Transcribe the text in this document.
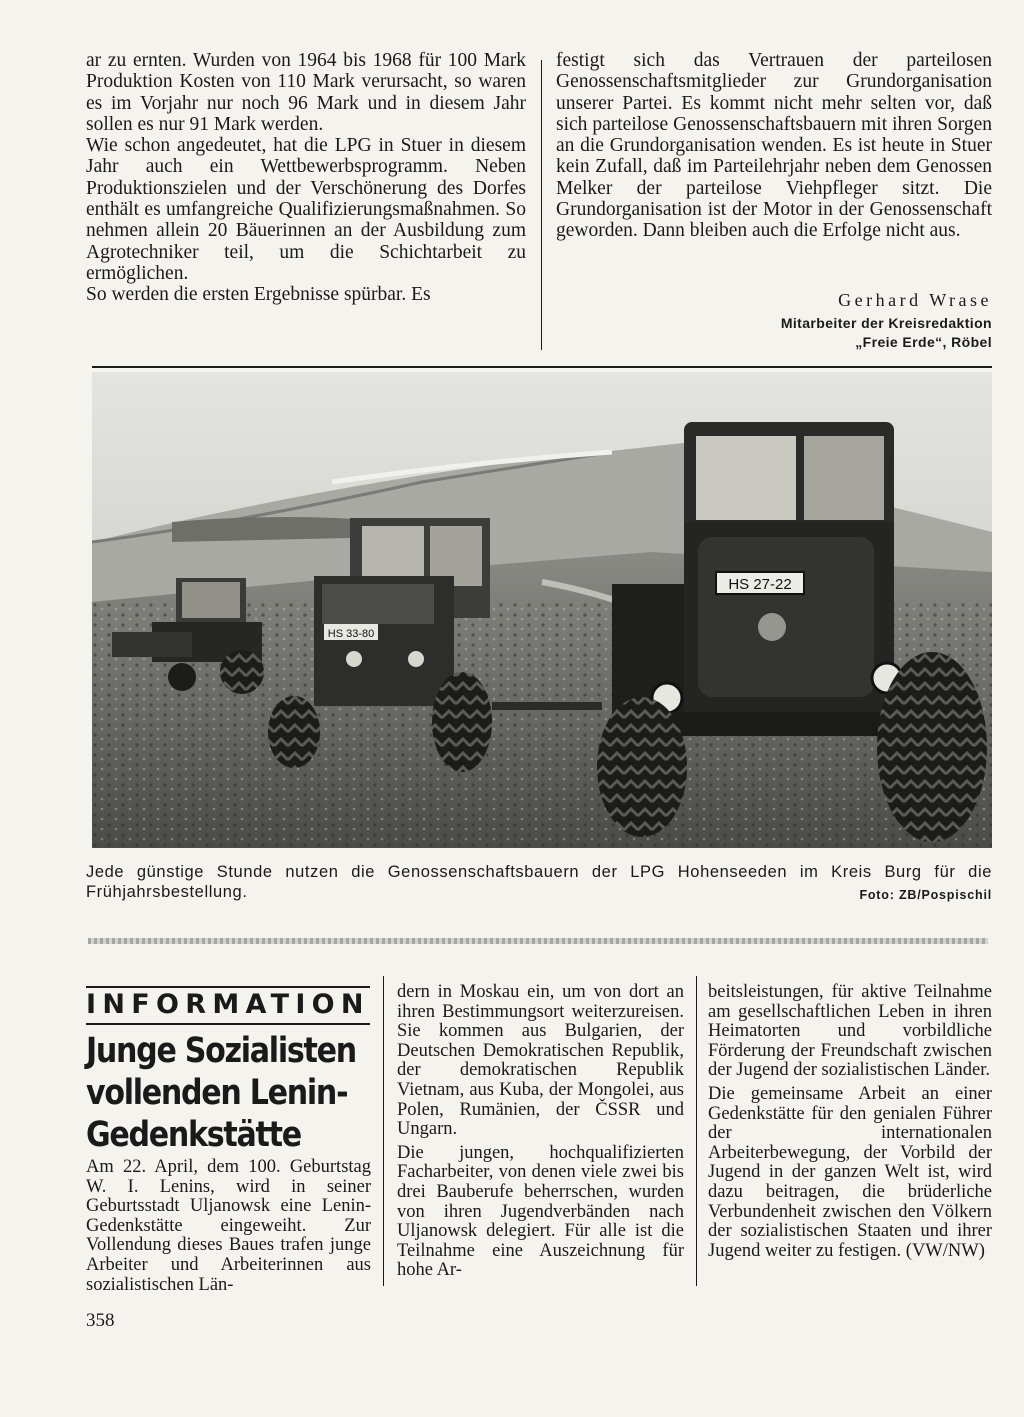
ar zu ernten. Wurden von 1964 bis 1968 für 100 Mark Produktion Kosten von 110 Mark verursacht, so waren es im Vorjahr nur noch 96 Mark und in diesem Jahr sollen es nur 91 Mark werden.

Wie schon angedeutet, hat die LPG in Stuer in diesem Jahr auch ein Wettbewerbsprogramm. Neben Produktionszielen und der Verschönerung des Dorfes enthält es umfangreiche Qualifizierungsmaßnahmen. So nehmen allein 20 Bäuerinnen an der Ausbildung zum Agrotechniker teil, um die Schichtarbeit zu ermöglichen.

So werden die ersten Ergebnisse spürbar. Es

festigt sich das Vertrauen der parteilosen Genossenschaftsmitglieder zur Grundorganisation unserer Partei. Es kommt nicht mehr selten vor, daß sich parteilose Genossenschaftsbauern mit ihren Sorgen an die Grundorganisation wenden. Es ist heute in Stuer kein Zufall, daß im Parteilehrjahr neben dem Genossen Melker der parteilose Viehpfleger sitzt. Die Grundorganisation ist der Motor in der Genossenschaft geworden. Dann bleiben auch die Erfolge nicht aus.

Gerhard Wrase
Mitarbeiter der Kreisredaktion
„Freie Erde“, Röbel
HS 33-80
HS 27-22
Jede günstige Stunde nutzen die Genossenschaftsbauern der LPG Hohenseeden im Kreis Burg für die Frühjahrsbestellung.	Foto: ZB/Pospischil
INFORMATION
Junge Sozialisten
vollenden Lenin-
Gedenkstätte

Am 22. April, dem 100. Geburtstag W. I. Lenins, wird in seiner Geburtsstadt Uljanowsk eine Lenin-Gedenkstätte eingeweiht. Zur Vollendung dieses Baues trafen junge Arbeiter und Arbeiterinnen aus sozialistischen Län-

dern in Moskau ein, um von dort an ihren Bestimmungsort weiterzureisen. Sie kommen aus Bulgarien, der Deutschen Demokratischen Republik, der demokratischen Republik Vietnam, aus Kuba, der Mongolei, aus Polen, Rumänien, der ČSSR und Ungarn.

Die jungen, hochqualifizierten Facharbeiter, von denen viele zwei bis drei Bauberufe beherrschen, wurden von ihren Jugendverbänden nach Uljanowsk delegiert. Für alle ist die Teilnahme eine Auszeichnung für hohe Ar-

beitsleistungen, für aktive Teilnahme am gesellschaftlichen Leben in ihren Heimatorten und vorbildliche Förderung der Freundschaft zwischen der Jugend der sozialistischen Länder.

Die gemeinsame Arbeit an einer Gedenkstätte für den genialen Führer der internationalen Arbeiterbewegung, der Vorbild der Jugend in der ganzen Welt ist, wird dazu beitragen, die brüderliche Verbundenheit zwischen den Völkern der sozialistischen Staaten und ihrer Jugend weiter zu festigen. (VW/NW)

358
